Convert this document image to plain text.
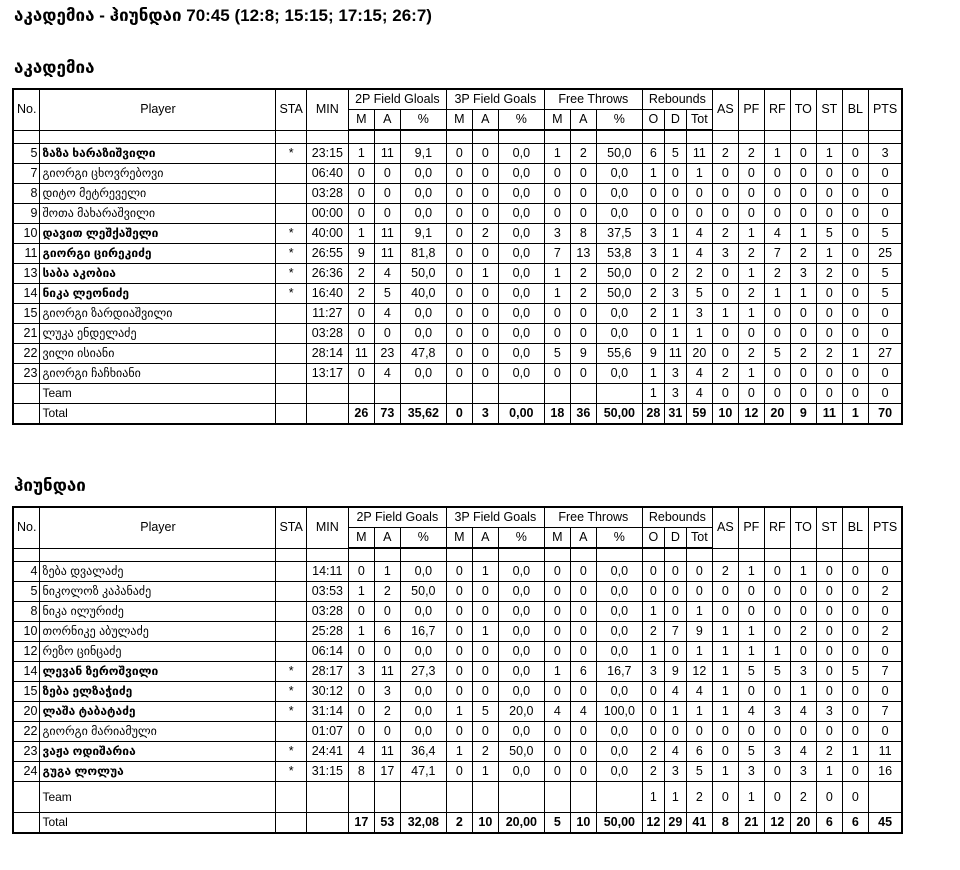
აკადემია - ჰიუნდაი 70:45 (12:8; 15:15; 17:15; 26:7)
აკადემია
No.	Player	STA	MIN	2P Field Gloals			3P Field Goals			Free Throws			Rebounds			AS	PF	RF	TO	ST	BL	PTS
				M	A	%	M	A	%	M	A	%	O	D	Tot							

5	ზაზა ხარაზიშვილი	*	23:15	1	11	9,1	0	0	0,0	1	2	50,0	6	5	11	2	2	1	0	1	0	3
7	გიორგი ცხოვრებოვი		06:40	0	0	0,0	0	0	0,0	0	0	0,0	1	0	1	0	0	0	0	0	0	0
8	დიტო მეტრეველი		03:28	0	0	0,0	0	0	0,0	0	0	0,0	0	0	0	0	0	0	0	0	0	0
9	შოთა მახარაშვილი		00:00	0	0	0,0	0	0	0,0	0	0	0,0	0	0	0	0	0	0	0	0	0	0
10	დავით ლეშქაშელი	*	40:00	1	11	9,1	0	2	0,0	3	8	37,5	3	1	4	2	1	4	1	5	0	5
11	გიორგი ცირეკიძე	*	26:55	9	11	81,8	0	0	0,0	7	13	53,8	3	1	4	3	2	7	2	1	0	25
13	საბა აკობია	*	26:36	2	4	50,0	0	1	0,0	1	2	50,0	0	2	2	0	1	2	3	2	0	5
14	ნიკა ლეონიძე	*	16:40	2	5	40,0	0	0	0,0	1	2	50,0	2	3	5	0	2	1	1	0	0	5
15	გიორგი ზარდიაშვილი		11:27	0	4	0,0	0	0	0,0	0	0	0,0	2	1	3	1	1	0	0	0	0	0
21	ლუკა ენდელაძე		03:28	0	0	0,0	0	0	0,0	0	0	0,0	0	1	1	0	0	0	0	0	0	0
22	ვილი ისიანი		28:14	11	23	47,8	0	0	0,0	5	9	55,6	9	11	20	0	2	5	2	2	1	27
23	გიორგი ჩაჩხიანი		13:17	0	4	0,0	0	0	0,0	0	0	0,0	1	3	4	2	1	0	0	0	0	0
	Team												1	3	4	0	0	0	0	0	0	0
	Total			26	73	35,62	0	3	0,00	18	36	50,00	28	31	59	10	12	20	9	11	1	70
ჰიუნდაი
No.	Player	STA	MIN	2P Field Goals			3P Field Goals			Free Throws			Rebounds			AS	PF	RF	TO	ST	BL	PTS
				M	A	%	M	A	%	M	A	%	O	D	Tot							

4	ზება დვალაძე		14:11	0	1	0,0	0	1	0,0	0	0	0,0	0	0	0	2	1	0	1	0	0	0
5	ნიკოლოზ კაპანაძე		03:53	1	2	50,0	0	0	0,0	0	0	0,0	0	0	0	0	0	0	0	0	0	2
8	ნიკა ილურიძე		03:28	0	0	0,0	0	0	0,0	0	0	0,0	1	0	1	0	0	0	0	0	0	0
10	თორნიკე აბულაძე		25:28	1	6	16,7	0	1	0,0	0	0	0,0	2	7	9	1	1	0	2	0	0	2
12	რეზო ცინცაძე		06:14	0	0	0,0	0	0	0,0	0	0	0,0	1	0	1	1	1	1	0	0	0	0
14	ლევან ზეროშვილი	*	28:17	3	11	27,3	0	0	0,0	1	6	16,7	3	9	12	1	5	5	3	0	5	7
15	ზება ელზაჭიძე	*	30:12	0	3	0,0	0	0	0,0	0	0	0,0	0	4	4	1	0	0	1	0	0	0
20	ლაშა ტაბატაძე	*	31:14	0	2	0,0	1	5	20,0	4	4	100,0	0	1	1	1	4	3	4	3	0	7
22	გიორგი მარიამული		01:07	0	0	0,0	0	0	0,0	0	0	0,0	0	0	0	0	0	0	0	0	0	0
23	ვაჟა ოდიშარია	*	24:41	4	11	36,4	1	2	50,0	0	0	0,0	2	4	6	0	5	3	4	2	1	11
24	გუგა ლოლუა	*	31:15	8	17	47,1	0	1	0,0	0	0	0,0	2	3	5	1	3	0	3	1	0	16
	Team												1	1	2	0	1	0	2	0	0	
	Total			17	53	32,08	2	10	20,00	5	10	50,00	12	29	41	8	21	12	20	6	6	45
